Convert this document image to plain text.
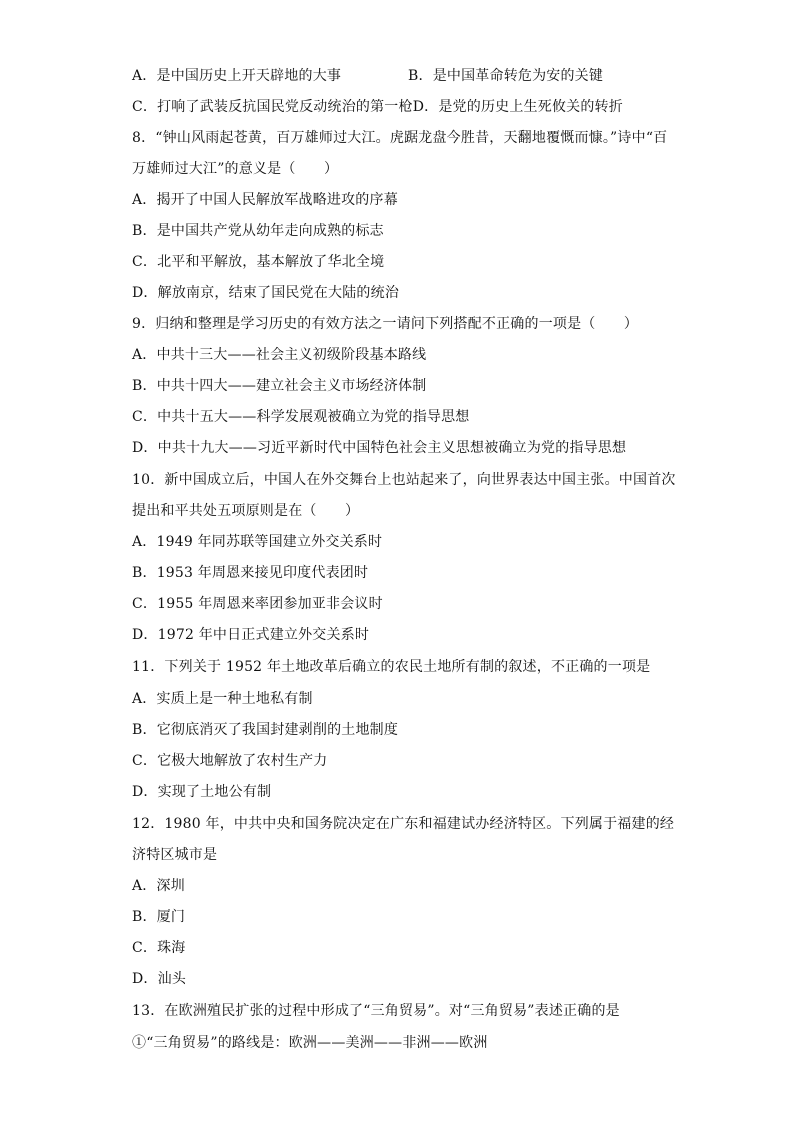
A．是中国历史上开天辟地的大事	B．是中国革命转危为安的关键
C．打响了武装反抗国民党反动统治的第一枪D．是党的历史上生死攸关的转折
8．“钟山风雨起苍黄，百万雄师过大江。虎踞龙盘今胜昔，天翻地覆慨而慷。”诗中“百
万雄师过大江”的意义是（　　）
A．揭开了中国人民解放军战略进攻的序幕
B．是中国共产党从幼年走向成熟的标志
C．北平和平解放，基本解放了华北全境
D．解放南京，结束了国民党在大陆的统治
9．归纳和整理是学习历史的有效方法之一请问下列搭配不正确的一项是（　　）
A．中共十三大——社会主义初级阶段基本路线
B．中共十四大——建立社会主义市场经济体制
C．中共十五大——科学发展观被确立为党的指导思想
D．中共十九大——习近平新时代中国特色社会主义思想被确立为党的指导思想
10．新中国成立后，中国人在外交舞台上也站起来了，向世界表达中国主张。中国首次
提出和平共处五项原则是在（　　）
A．1949 年同苏联等国建立外交关系时
B．1953 年周恩来接见印度代表团时
C．1955 年周恩来率团参加亚非会议时
D．1972 年中日正式建立外交关系时
11．下列关于 1952 年土地改革后确立的农民土地所有制的叙述，不正确的一项是
A．实质上是一种土地私有制
B．它彻底消灭了我国封建剥削的土地制度
C．它极大地解放了农村生产力
D．实现了土地公有制
12．1980 年，中共中央和国务院决定在广东和福建试办经济特区。下列属于福建的经
济特区城市是
A．深圳
B．厦门
C．珠海
D．汕头
13．在欧洲殖民扩张的过程中形成了“三角贸易”。对“三角贸易”表述正确的是
①“三角贸易”的路线是：欧洲——美洲——非洲——欧洲
